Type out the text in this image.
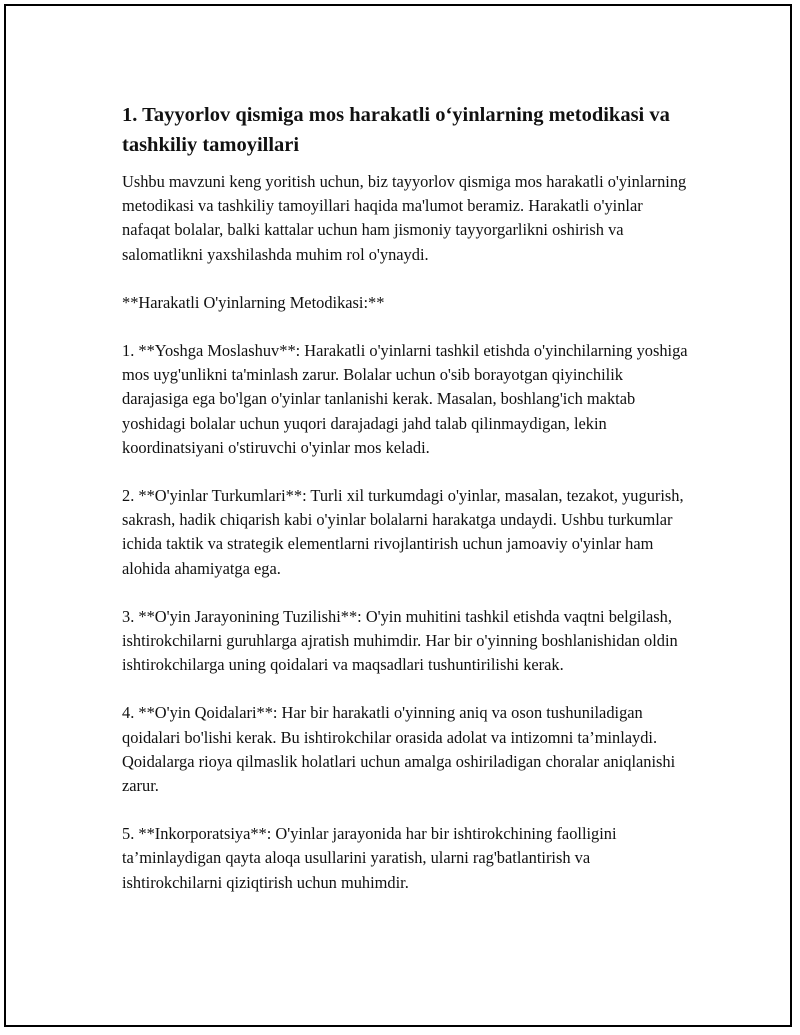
1. Tayyorlov qismiga mos harakatli o‘yinlarning metodikasi va tashkiliy tamoyillari

Ushbu mavzuni keng yoritish uchun, biz tayyorlov qismiga mos harakatli o'yinlarning metodikasi va tashkiliy tamoyillari haqida ma'lumot beramiz. Harakatli o'yinlar nafaqat bolalar, balki kattalar uchun ham jismoniy tayyorgarlikni oshirish va salomatlikni yaxshilashda muhim rol o'ynaydi.

**Harakatli O'yinlarning Metodikasi:**

1. **Yoshga Moslashuv**: Harakatli o'yinlarni tashkil etishda o'yinchilarning yoshiga mos uyg'unlikni ta'minlash zarur. Bolalar uchun o'sib borayotgan qiyinchilik darajasiga ega bo'lgan o'yinlar tanlanishi kerak. Masalan, boshlang'ich maktab yoshidagi bolalar uchun yuqori darajadagi jahd talab qilinmaydigan, lekin koordinatsiyani o'stiruvchi o'yinlar mos keladi.

2. **O'yinlar Turkumlari**: Turli xil turkumdagi o'yinlar, masalan, tezakot, yugurish, sakrash, hadik chiqarish kabi o'yinlar bolalarni harakatga undaydi. Ushbu turkumlar ichida taktik va strategik elementlarni rivojlantirish uchun jamoaviy o'yinlar ham alohida ahamiyatga ega.

3. **O'yin Jarayonining Tuzilishi**: O'yin muhitini tashkil etishda vaqtni belgilash, ishtirokchilarni guruhlarga ajratish muhimdir. Har bir o'yinning boshlanishidan oldin ishtirokchilarga uning qoidalari va maqsadlari tushuntirilishi kerak.

4. **O'yin Qoidalari**: Har bir harakatli o'yinning aniq va oson tushuniladigan qoidalari bo'lishi kerak. Bu ishtirokchilar orasida adolat va intizomni ta’minlaydi. Qoidalarga rioya qilmaslik holatlari uchun amalga oshiriladigan choralar aniqlanishi zarur.

5. **Inkorporatsiya**: O'yinlar jarayonida har bir ishtirokchining faolligini ta’minlaydigan qayta aloqa usullarini yaratish, ularni rag'batlantirish va ishtirokchilarni qiziqtirish uchun muhimdir.
